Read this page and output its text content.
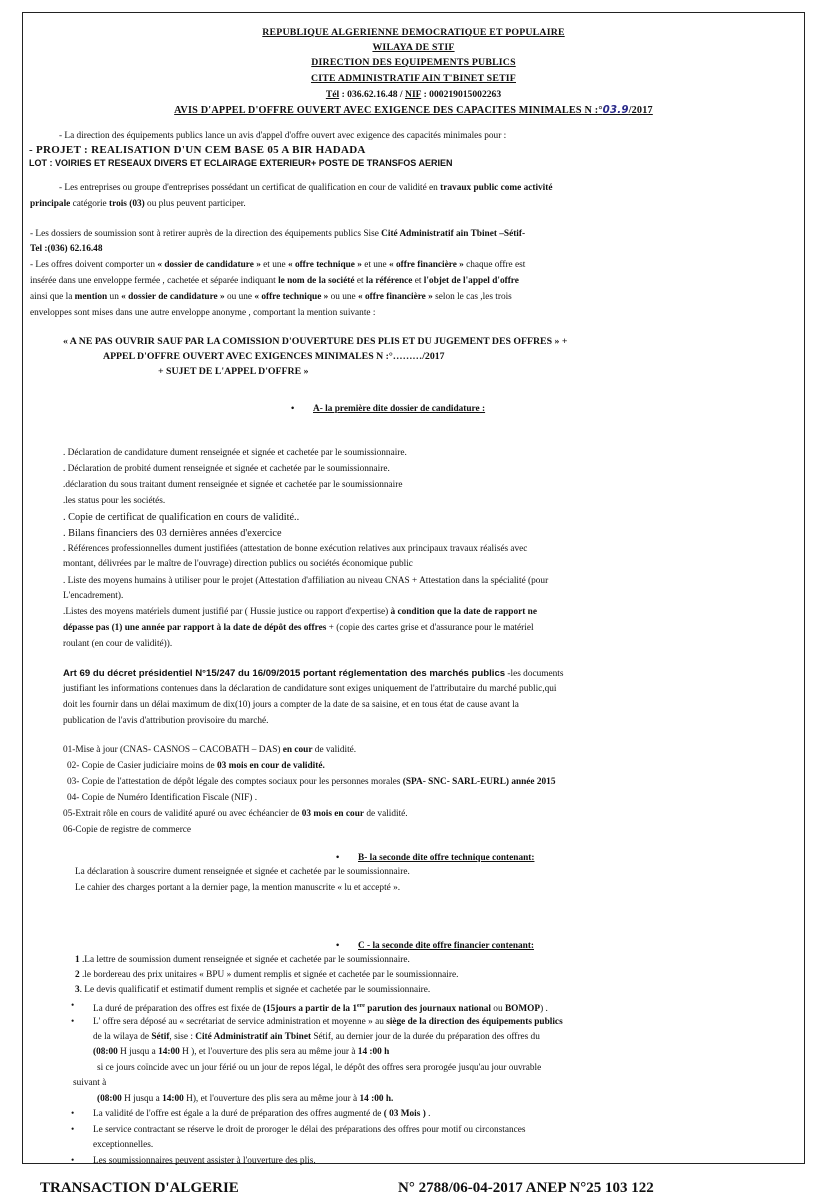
REPUBLIQUE ALGERIENNE DEMOCRATIQUE ET POPULAIRE
WILAYA DE STIF
DIRECTION DES EQUIPEMENTS PUBLICS
CITE ADMINISTRATIF AIN T'BINET SETIF
Tél : 036.62.16.48 / NIF : 000219015002263
AVIS D'APPEL D'OFFRE OUVERT AVEC EXIGENCE DES CAPACITES MINIMALES N :°03.9/2017
- La direction des équipements publics lance un avis d'appel d'offre ouvert avec exigence des capacités minimales pour :
- PROJET : REALISATION D'UN CEM BASE 05 A BIR HADADA
LOT : VOIRIES ET RESEAUX DIVERS ET ECLAIRAGE EXTERIEUR+ POSTE DE TRANSFOS AERIEN
- Les entreprises ou groupe d'entreprises possédant un certificat de qualification en cour de validité en travaux public come activité
principale catégorie trois (03) ou plus peuvent participer.
- Les dossiers de soumission sont à retirer auprès de la direction des équipements publics Sise Cité Administratif ain Tbinet –Sétif-
Tel :(036) 62.16.48
- Les offres doivent comporter un « dossier de candidature » et une « offre technique » et une « offre financière » chaque offre est
insérée dans une enveloppe fermée , cachetée et séparée indiquant le nom de la société et la référence et l'objet de l'appel d'offre
ainsi que la mention un « dossier de candidature » ou une « offre technique » ou une « offre financière » selon le cas ,les trois
enveloppes sont mises dans une autre enveloppe anonyme , comportant la mention suivante :
« A NE PAS OUVRIR SAUF PAR LA COMISSION D'OUVERTURE DES PLIS ET DU JUGEMENT DES OFFRES » +
APPEL D'OFFRE OUVERT AVEC EXIGENCES MINIMALES N :°………/2017
+ SUJET DE L'APPEL D'OFFRE »
• A- la première dite dossier de candidature :
. Déclaration de candidature dument renseignée et signée et cachetée par le soumissionnaire.
. Déclaration de probité dument renseignée et signée et cachetée par le soumissionnaire.
.déclaration du sous traitant dument renseignée et signée et cachetée par le soumissionnaire
.les status pour les sociétés.
. Copie de certificat de qualification en cours de validité..
. Bilans financiers des 03 dernières années d'exercice
. Références professionnelles dument justifiées (attestation de bonne exécution relatives aux principaux travaux réalisés avec
montant, délivrées par le maître de l'ouvrage) direction publics ou sociétés économique public
. Liste des moyens humains à utiliser pour le projet (Attestation d'affiliation au niveau CNAS + Attestation dans la spécialité (pour
L'encadrement).
.Listes des moyens matériels dument justifié par ( Hussie justice ou rapport d'expertise) à condition que la date de rapport ne
dépasse pas (1) une année par rapport à la date de dépôt des offres + (copie des cartes grise et d'assurance pour le matériel
roulant (en cour de validité)).
Art 69 du décret présidentiel N°15/247 du 16/09/2015 portant réglementation des marchés publics -les documents
justifiant les informations contenues dans la déclaration de candidature sont exiges uniquement de l'attributaire du marché public,qui
doit les fournir dans un délai maximum de dix(10) jours a compter de la date de sa saisine, et en tous état de cause avant la
publication de l'avis d'attribution provisoire du marché.
01-Mise à jour (CNAS- CASNOS – CACOBATH – DAS) en cour de validité.
02- Copie de Casier judiciaire moins de 03 mois en cour de validité.
03- Copie de l'attestation de dépôt légale des comptes sociaux pour les personnes morales (SPA- SNC- SARL-EURL) année 2015
04- Copie de Numéro Identification Fiscale (NIF) .
05-Extrait rôle en cours de validité apuré ou avec échéancier de 03 mois en cour de validité.
06-Copie de registre de commerce
• B- la seconde dite offre technique contenant:
La déclaration à souscrire dument renseignée et signée et cachetée par le soumissionnaire.
Le cahier des charges portant a la dernier page, la mention manuscrite « lu et accepté ».
• C - la seconde dite offre financier contenant:
1 .La lettre de soumission dument renseignée et signée et cachetée par le soumissionnaire.
2 .le bordereau des prix unitaires « BPU » dument remplis et signée et cachetée par le soumissionnaire.
3. Le devis qualificatif et estimatif dument remplis et signée et cachetée par le soumissionnaire.
• La duré de préparation des offres est fixée de (15jours a partir de la 1ere parution des journaux national ou BOMOP) .
• L' offre sera déposé au « secrétariat de service administration et moyenne » au siège de la direction des équipements publics
de la wilaya de Sétif, sise : Cité Administratif ain Tbinet Sétif, au dernier jour de la durée du préparation des offres du
(08:00 H jusqu a 14:00 H ), et l'ouverture des plis sera au même jour à 14 :00 h
si ce jours coïncide avec un jour férié ou un jour de repos légal, le dépôt des offres sera prorogée jusqu'au jour ouvrable
suivant à
(08:00 H jusqu a 14:00 H), et l'ouverture des plis sera au même jour à 14 :00 h.
• La validité de l'offre est égale a la duré de préparation des offres augmenté de ( 03 Mois ) .
• Le service contractant se réserve le droit de proroger le délai des préparations des offres pour motif ou circonstances
exceptionnelles.
• Les soumissionnaires peuvent assister à l'ouverture des plis.
TRANSACTION D'ALGERIE	N° 2788/06-04-2017 ANEP N°25 103 122
